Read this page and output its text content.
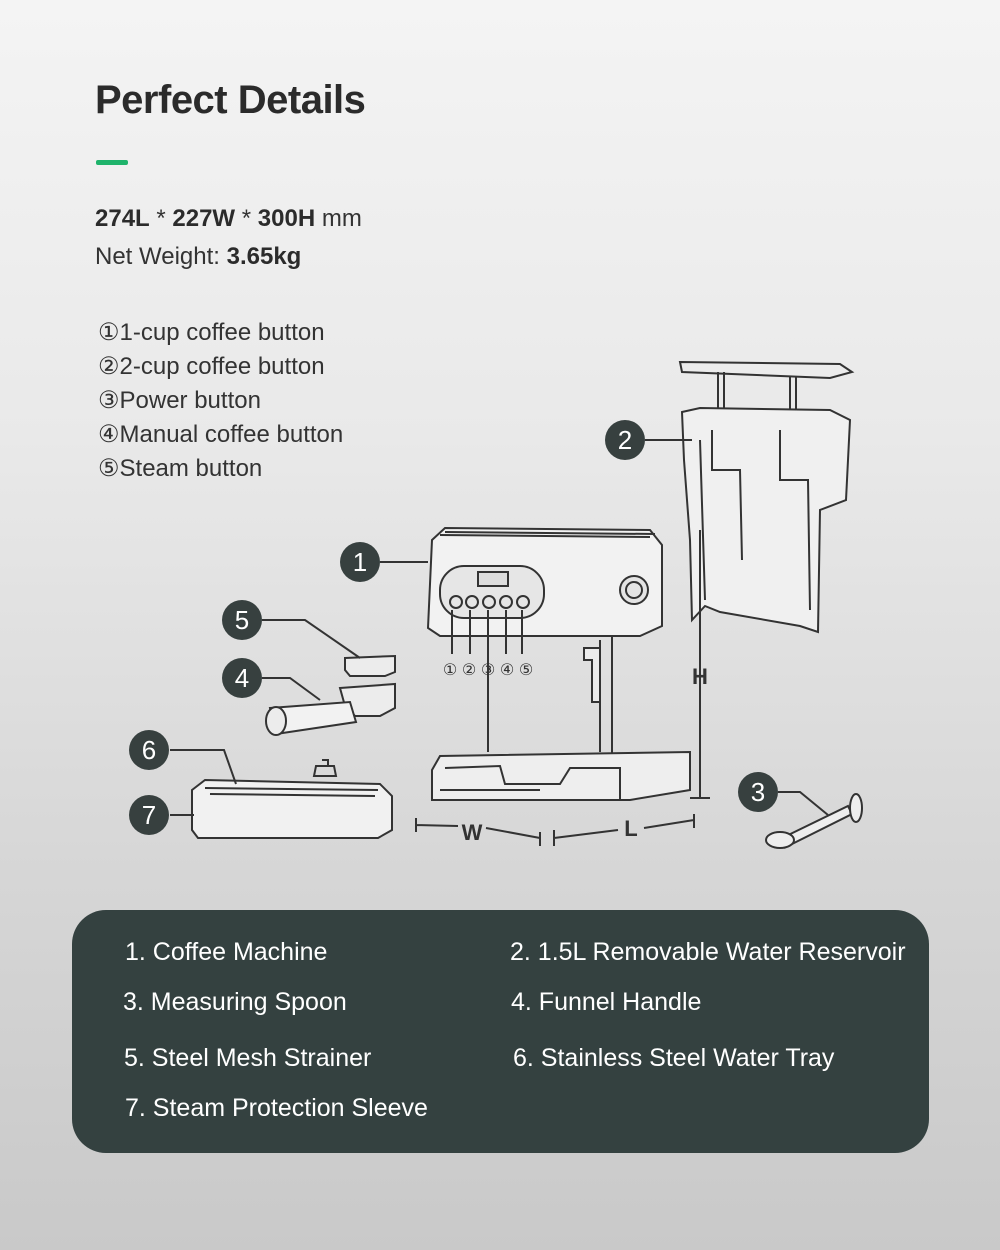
Perfect Details
274L * 227W * 300H mm
Net Weight: 3.65kg
①1-cup coffee button
②2-cup coffee button
③Power button
④Manual coffee button
⑤Steam button
1
2
3
4
5
6
7
① ② ③ ④ ⑤
W	L
H
1. Coffee Machine	2. 1.5L Removable Water Reservoir
3. Measuring Spoon	4. Funnel Handle
5. Steel Mesh Strainer	6. Stainless Steel Water Tray
7. Steam Protection Sleeve
